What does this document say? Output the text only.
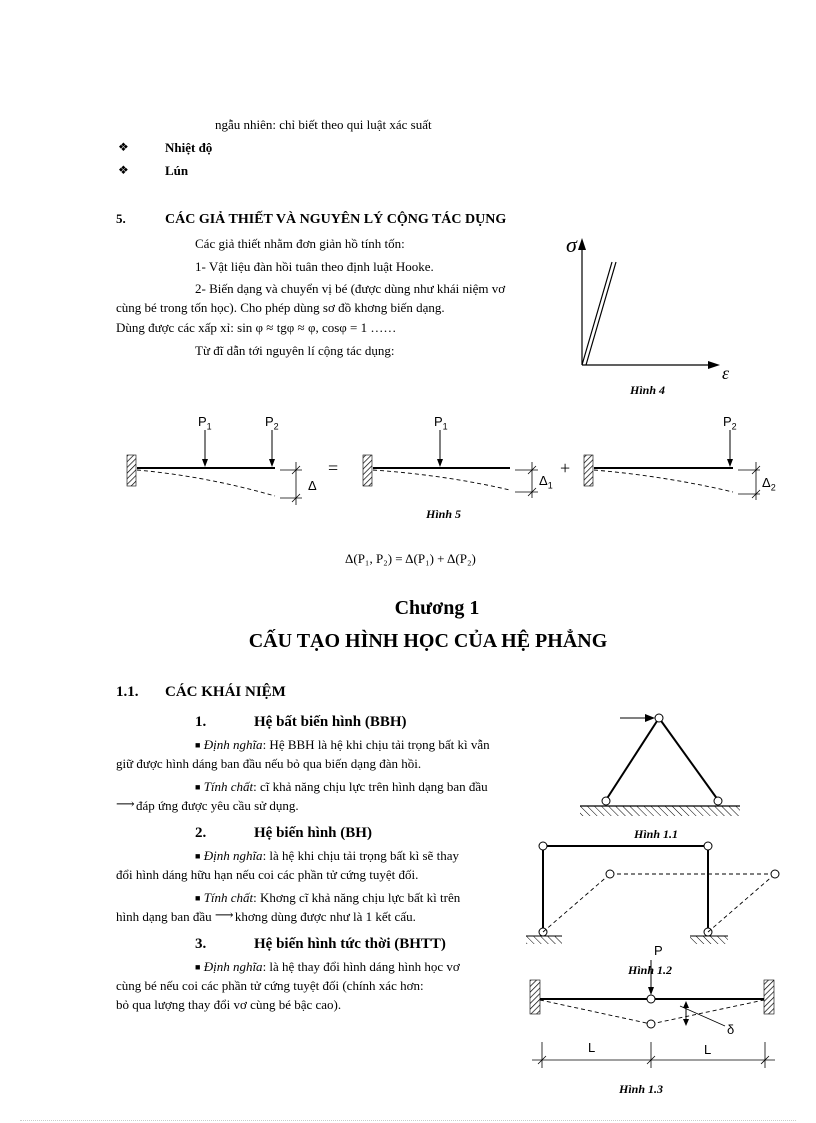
ngẫu nhiên: chỉ biết theo qui luật xác suất
❖	Nhiệt độ
❖	Lún
5.	CÁC GIẢ THIẾT VÀ NGUYÊN LÝ CỘNG TÁC DỤNG
Các giả thiết nhằm đơn giản hồ tính tốn:
1- Vật liệu đàn hồi tuân theo định luật Hooke.
2- Biến dạng và chuyển vị bé (được dùng như khái niệm vơ
cùng bé trong tốn học). Cho phép dùng sơ đồ khơng biến dạng.
Dùng được các xấp xỉ: sin φ ≈ tgφ ≈ φ, cosφ = 1 ……
Từ đĩ dẫn tới nguyên lí cộng tác dụng:
σ
ε
Hình 4
$P_1$	$P_2$	$P_1$	$P_2$
Δ	$\Delta_1$	$\Delta_2$
=	+
Hình 5
Δ(P₁, P₂) = Δ(P₁) + Δ(P₂)
Chương 1
CẤU TẠO HÌNH HỌC CỦA HỆ PHẲNG
1.1. CÁC KHÁI NIỆM
1.	Hệ bất biến hình (BBH)
■ Định nghĩa: Hệ BBH là hệ khi chịu tải trọng bất kì vẫn
giữ được hình dáng ban đầu nếu bỏ qua biến dạng đàn hồi.
■ Tính chất: cĩ khả năng chịu lực trên hình dạng ban đầu
⟶đáp ứng được yêu cầu sử dụng.
2.	Hệ biến hình (BH)
■ Định nghĩa: là hệ khi chịu tải trọng bất kì sẽ thay
đổi hình dáng hữu hạn nếu coi các phần tử cứng tuyệt đối.
■ Tính chất: Khơng cĩ khả năng chịu lực bất kì trên
hình dạng ban đầu ⟶khơng dùng được như là 1 kết cấu.
3.	Hệ biến hình tức thời (BHTT)
■ Định nghĩa: là hệ thay đổi hình dáng hình học vơ
cùng bé nếu coi các phần tử cứng tuyệt đối (chính xác hơn:
bỏ qua lượng thay đổi vơ cùng bé bậc cao).
Hình 1.1
Hình 1.2
P
δ
L	L
Hình 1.3
